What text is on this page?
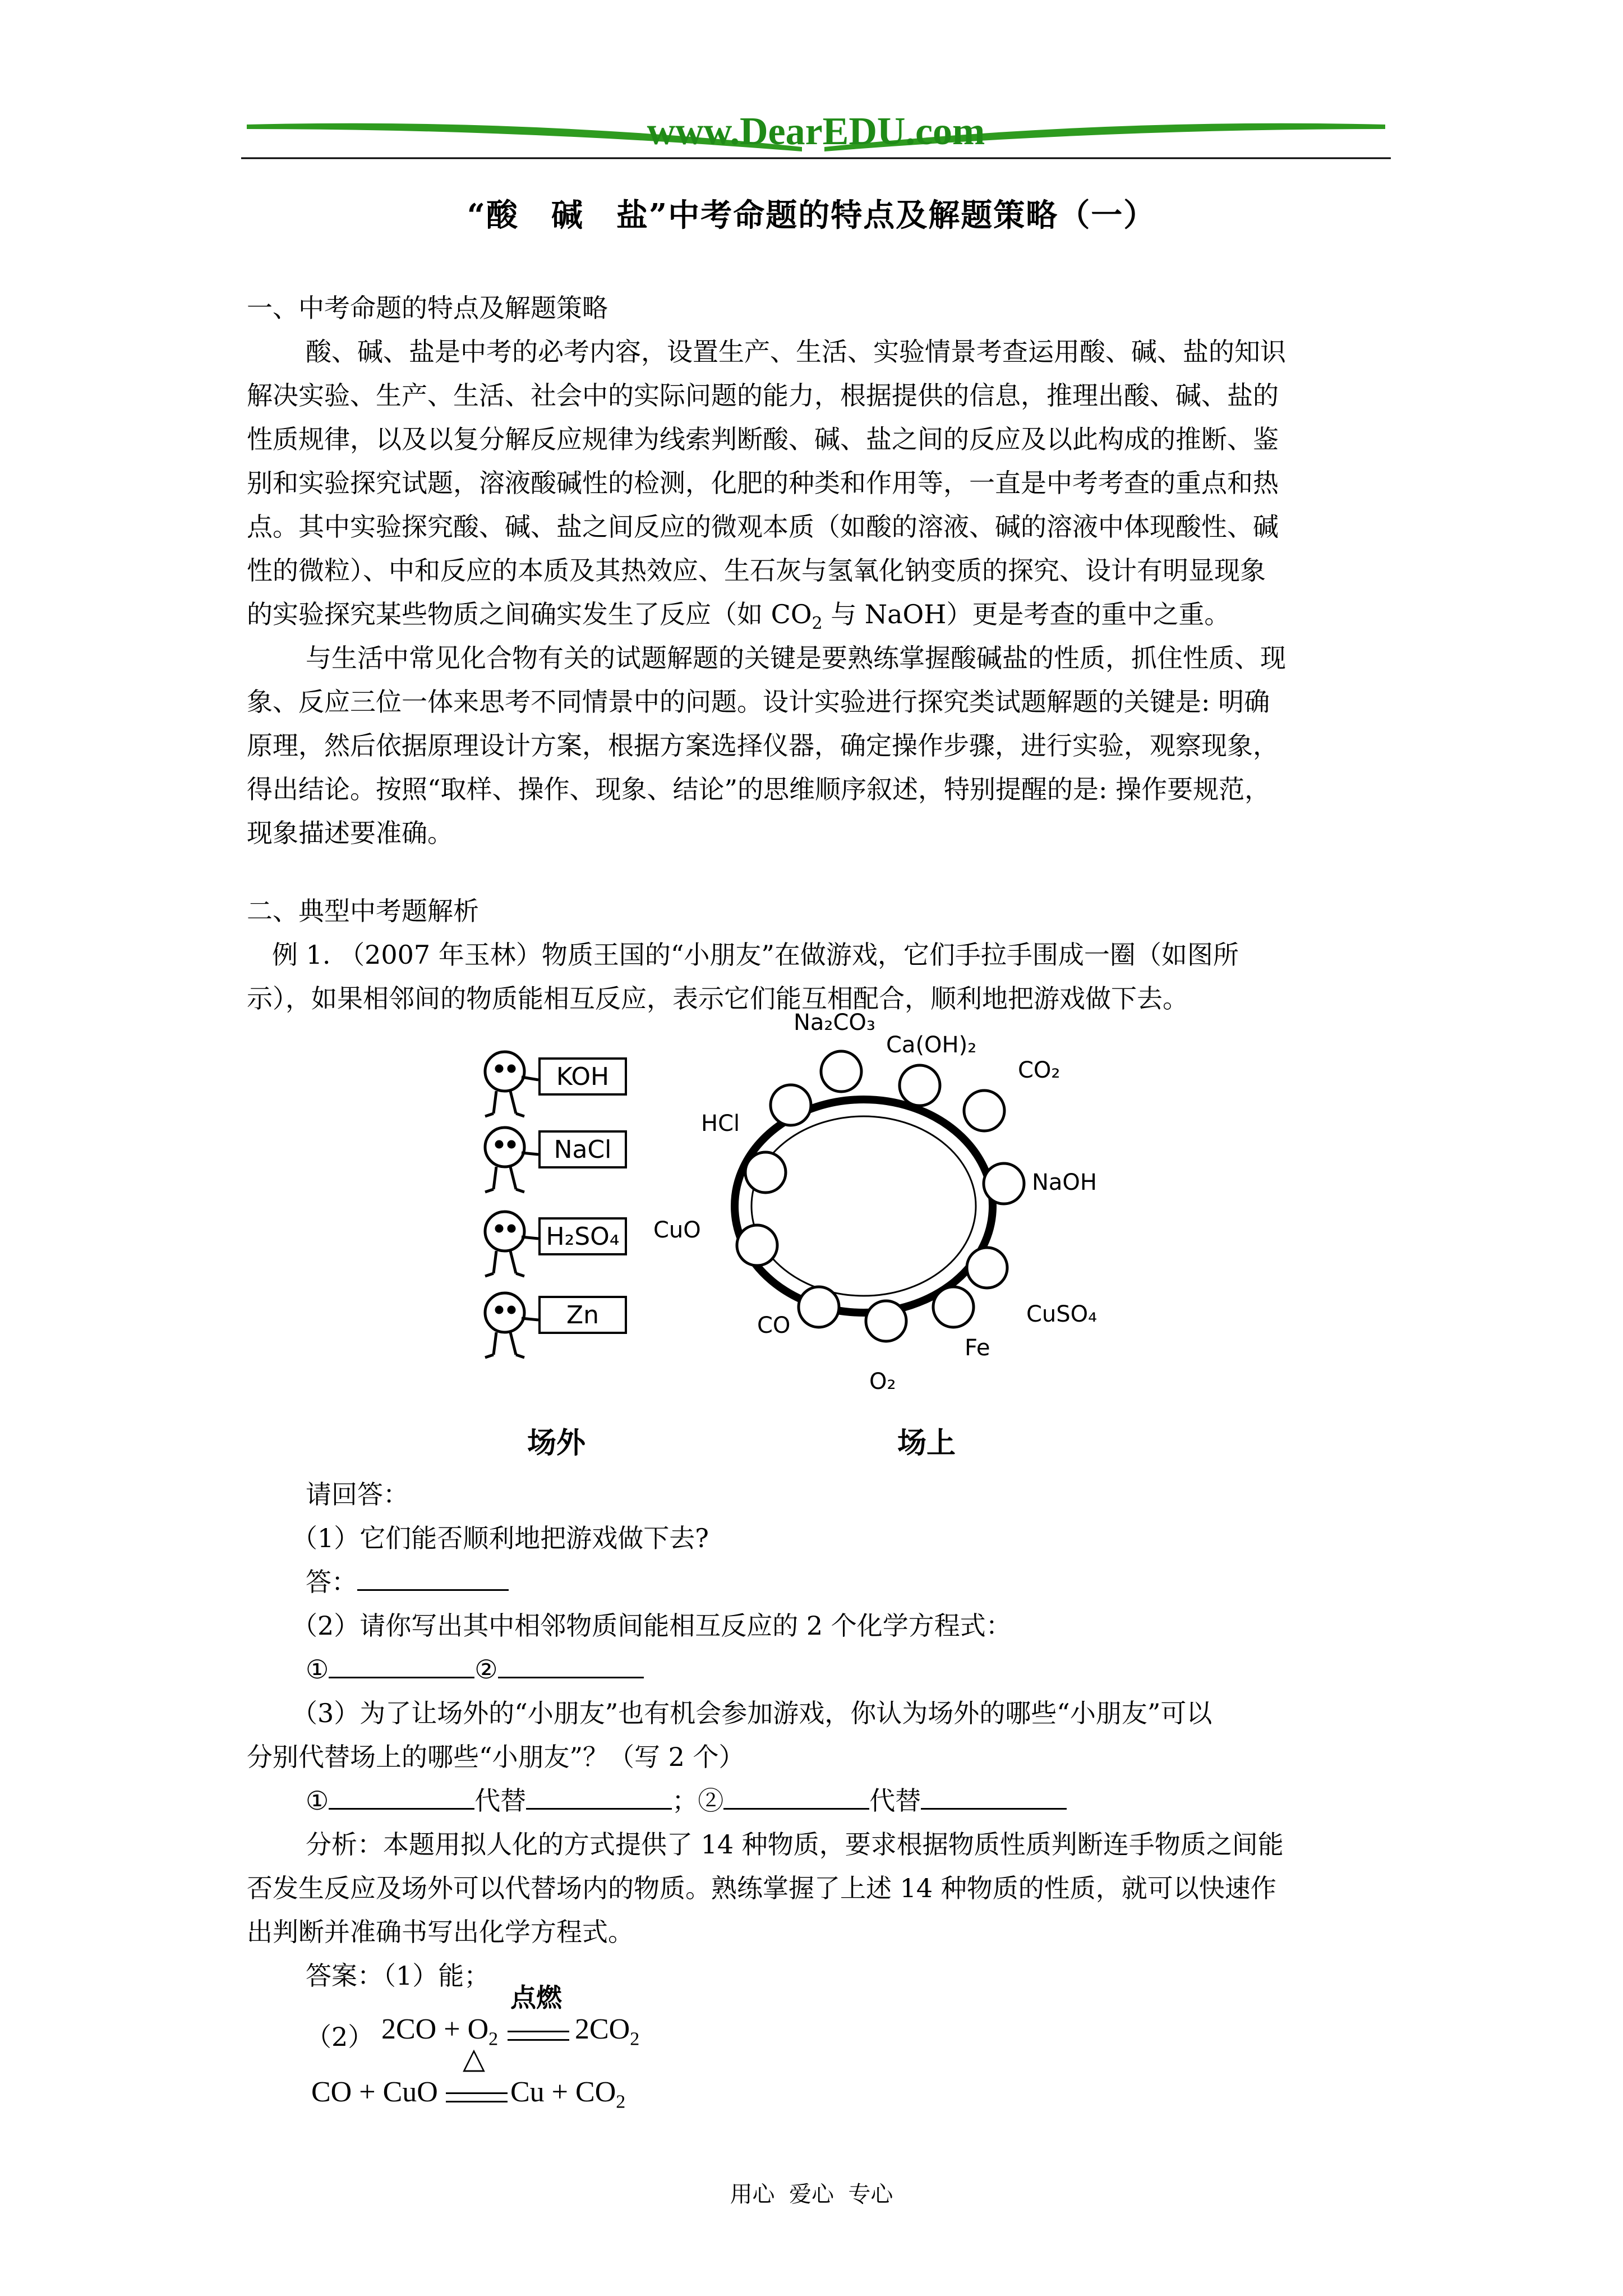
www.DearEDU.com
“酸　碱　盐”中考命题的特点及解题策略（一）
一、中考命题的特点及解题策略
酸、碱、盐是中考的必考内容，设置生产、生活、实验情景考查运用酸、碱、盐的知识
解决实验、生产、生活、社会中的实际问题的能力，根据提供的信息，推理出酸、碱、盐的
性质规律，以及以复分解反应规律为线索判断酸、碱、盐之间的反应及以此构成的推断、鉴
别和实验探究试题，溶液酸碱性的检测，化肥的种类和作用等，一直是中考考查的重点和热
点。其中实验探究酸、碱、盐之间反应的微观本质（如酸的溶液、碱的溶液中体现酸性、碱
性的微粒）、中和反应的本质及其热效应、生石灰与氢氧化钠变质的探究、设计有明显现象
的实验探究某些物质之间确实发生了反应（如 $CO_2$ 与 NaOH）更是考查的重中之重。
与生活中常见化合物有关的试题解题的关键是要熟练掌握酸碱盐的性质，抓住性质、现
象、反应三位一体来思考不同情景中的问题。设计实验进行探究类试题解题的关键是: 明确
原理，然后依据原理设计方案，根据方案选择仪器，确定操作步骤，进行实验，观察现象，
得出结论。按照“取样、操作、现象、结论”的思维顺序叙述，特别提醒的是: 操作要规范，
现象描述要准确。
二、典型中考题解析
例 1. （2007 年玉林）物质王国的“小朋友”在做游戏，它们手拉手围成一圈（如图所
示），如果相邻间的物质能相互反应，表示它们能互相配合，顺利地把游戏做下去。
KOH
NaCl
H₂SO₄
Zn
Na₂CO₃
Ca(OH)₂
CO₂
HCl
NaOH
CuO
CuSO₄
CO
Fe
O₂
场外	场上
请回答：
（1）它们能否顺利地把游戏做下去?
答：
（2）请你写出其中相邻物质间能相互反应的 2 个化学方程式：
①	②
（3）为了让场外的“小朋友”也有机会参加游戏，你认为场外的哪些“小朋友”可以
分别代替场上的哪些“小朋友”？（写 2 个）
①	代替	；②	代替
分析：本题用拟人化的方式提供了 14 种物质，要求根据物质性质判断连手物质之间能
否发生反应及场外可以代替场内的物质。熟练掌握了上述 14 种物质的性质，就可以快速作
出判断并准确书写出化学方程式。
答案：（1）能；
（2） $2CO + O_2$
点燃
$2CO_2$
CO + CuO
△
$Cu + CO_2$
用心  爱心  专心
